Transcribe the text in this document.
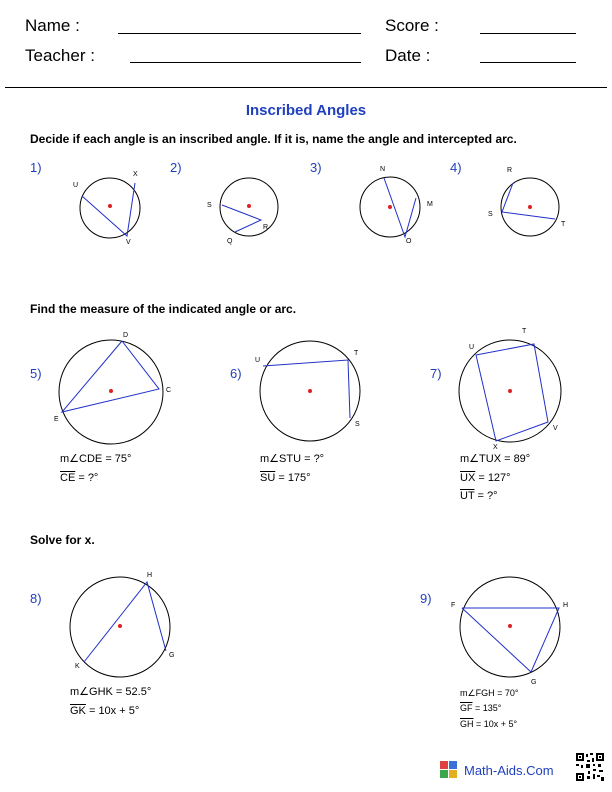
Name :	Score :
Teacher :	Date :
Inscribed Angles
Decide if each angle is an inscribed angle. If it is, name the angle and intercepted arc.
1)	2)	3)	4)
Find the measure of the indicated angle or arc.
5)	6)	7)
m∠CDE = 75°
$\overline{CE}$ = ?°
m∠STU = ?°
$\overline{SU} = 175^\circ$
m∠TUX = 89°
$\overline{UX} = 127^\circ$
$\overline{UT}$ = ?°
Solve for x.
8)	9)
m∠GHK = 52.5°
$\overline{GK} = 10x + 5^\circ$
m∠FGH = 70°
$\overline{GF} = 135^\circ$
$\overline{GH} = 10x + 5^\circ$
U
X
V
S
Q
R
N
M
O
R
S
T
D
C
E
U
T
S
T
U
V
X
H
K
G
F	H
G
Math-Aids.Com
